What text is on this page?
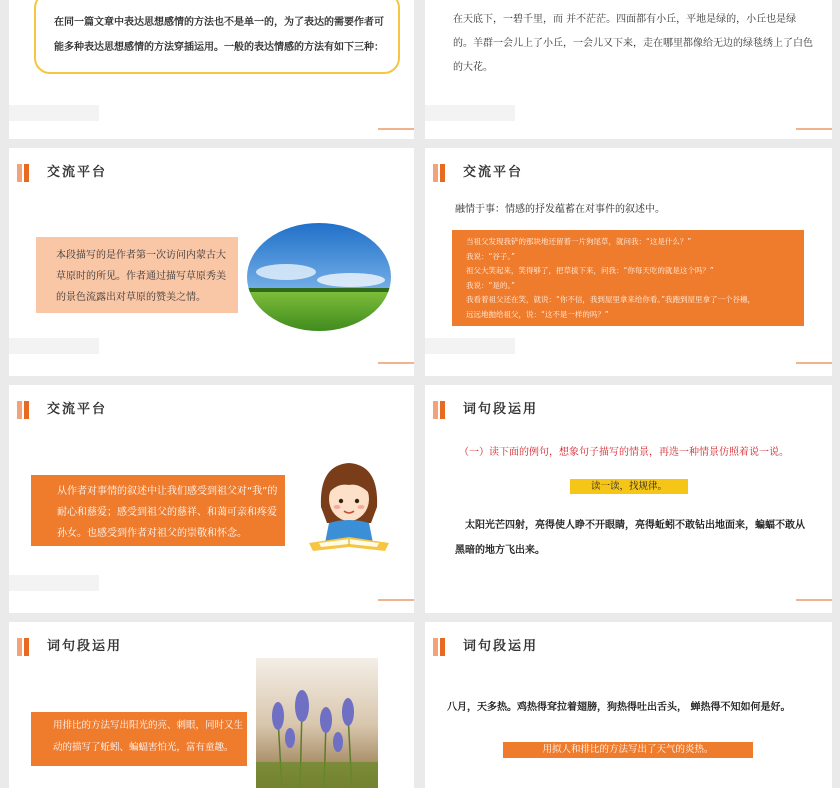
在同一篇文章中表达思想感情的方法也不是单一的，为了表达的需要作者可能多种表达思想感情的方法穿插运用。一般的表达情感的方法有如下三种：
在天底下，一碧千里，而 并不茫茫。四面都有小丘，平地是绿的，小丘也是绿的。羊群一会儿上了小丘，一会儿又下来，走在哪里都像给无边的绿毯绣上了白色的大花。
交流平台
本段描写的是作者第一次访问内蒙古大草原时的所见。作者通过描写草原秀美的景色流露出对草原的赞美之情。
交流平台
融情于事：情感的抒发蕴蓄在对事件的叙述中。
当祖父发现我铲的那块地还留着一片狗尾草，就问我：“这是什么？”
我说：“谷子。”
祖父大笑起来，笑得够了，把草拔下来，问我：“你每天吃的就是这个吗？”
我说：“是的。”
我看着祖父还在笑，就说：“你不信，我到屋里拿来给你看。”我跑到屋里拿了一个谷穗，
远远地抛给祖父，说：“这不是一样的吗？”
交流平台
从作者对事情的叙述中让我们感受到祖父对“我”的耐心和慈爱；感受到祖父的慈祥、和蔼可亲和疼爱孙女。也感受到作者对祖父的崇敬和怀念。
词句段运用
（一）读下面的例句，想象句子描写的情景，再选一种情景仿照着说一说。
读一读，找规律。
太阳光芒四射，亮得使人睁不开眼睛，亮得蚯蚓不敢钻出地面来，蝙蝠不敢从黑暗的地方飞出来。
词句段运用
用排比的方法写出阳光的亮、刺眼，同时又生动的描写了蚯蚓、蝙蝠害怕光，富有童趣。
词句段运用
八月，天多热。鸡热得耷拉着翅膀，狗热得吐出舌头， 蝉热得不知如何是好。
用拟人和排比的方法写出了天气的炎热。
